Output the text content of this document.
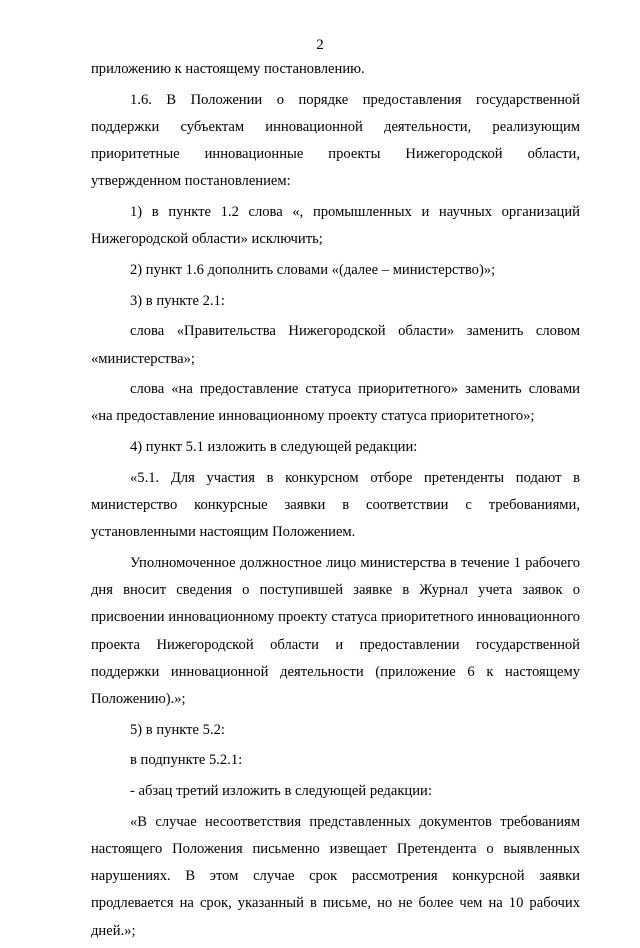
2

приложению к настоящему постановлению.

1.6. В Положении о порядке предоставления государственной поддержки субъектам инновационной деятельности, реализующим приоритетные инновационные проекты Нижегородской области, утвержденном постановлением:

1) в пункте 1.2 слова «, промышленных и научных организаций Нижегородской области» исключить;

2) пункт 1.6 дополнить словами «(далее – министерство)»;

3) в пункте 2.1:

слова «Правительства Нижегородской области» заменить словом «министерства»;

слова «на предоставление статуса приоритетного» заменить словами «на предоставление инновационному проекту статуса приоритетного»;

4) пункт 5.1 изложить в следующей редакции:

«5.1. Для участия в конкурсном отборе претенденты подают в министерство конкурсные заявки в соответствии с требованиями, установленными настоящим Положением.

Уполномоченное должностное лицо министерства в течение 1 рабочего дня вносит сведения о поступившей заявке в Журнал учета заявок о присвоении инновационному проекту статуса приоритетного инновационного проекта Нижегородской области и предоставлении государственной поддержки инновационной деятельности (приложение 6 к настоящему Положению).»;

5) в пункте 5.2:

в подпункте 5.2.1:

- абзац третий изложить в следующей редакции:

«В случае несоответствия представленных документов требованиям настоящего Положения письменно извещает Претендента о выявленных нарушениях. В этом случае срок рассмотрения конкурсной заявки продлевается на срок, указанный в письме, но не более чем на 10 рабочих дней.»;
